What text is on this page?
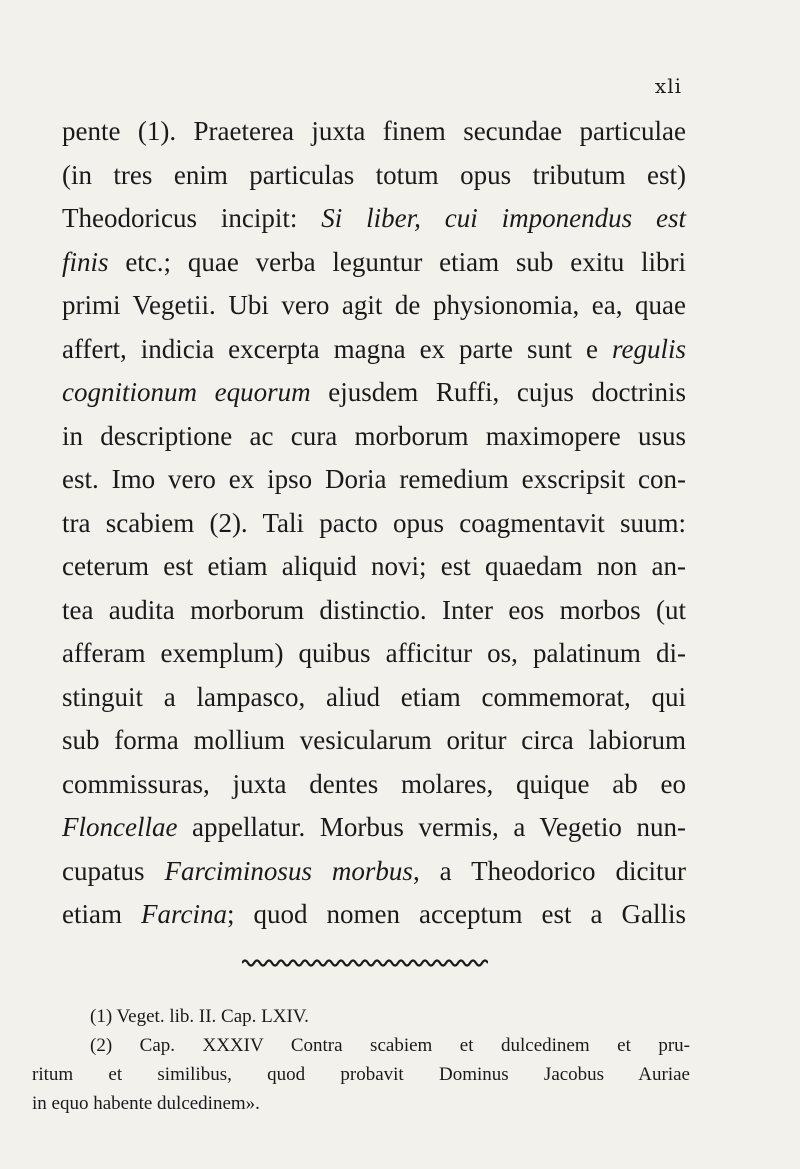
xli
pente (1). Praeterea juxta finem secundae particulae
(in tres enim particulas totum opus tributum est)
Theodoricus incipit: Si liber, cui imponendus est
finis etc.; quae verba leguntur etiam sub exitu libri
primi Vegetii. Ubi vero agit de physionomia, ea, quae
affert, indicia excerpta magna ex parte sunt e regulis
cognitionum equorum ejusdem Ruffi, cujus doctrinis
in descriptione ac cura morborum maximopere usus
est. Imo vero ex ipso Doria remedium exscripsit con-
tra scabiem (2). Tali pacto opus coagmentavit suum:
ceterum est etiam aliquid novi; est quaedam non an-
tea audita morborum distinctio. Inter eos morbos (ut
afferam exemplum) quibus afficitur os, palatinum di-
stinguit a lampasco, aliud etiam commemorat, qui
sub forma mollium vesicularum oritur circa labiorum
commissuras, juxta dentes molares, quique ab eo
Floncellae appellatur. Morbus vermis, a Vegetio nun-
cupatus Farciminosus morbus, a Theodorico dicitur
etiam Farcina; quod nomen acceptum est a Gallis
(1) Veget. lib. II. Cap. LXIV.
(2) Cap. XXXIV Contra scabiem et dulcedinem et pru-
ritum et similibus, quod probavit Dominus Jacobus Auriae
in equo habente dulcedinem».
